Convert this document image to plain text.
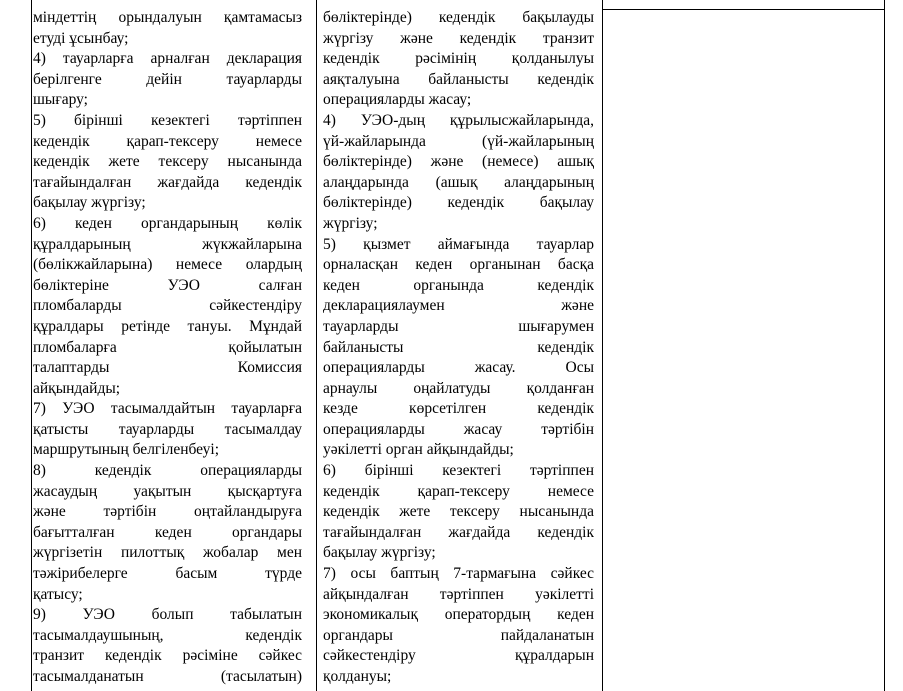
міндеттің орындалуын қамтамасыз
етуді ұсынбау;
4) тауарларға арналған декларация
берілгенге дейін тауарларды
шығару;
5) бірінші кезектегі тәртіппен
кедендік қарап-тексеру немесе
кедендік жете тексеру нысанында
тағайындалған жағдайда кедендік
бақылау жүргізу;
6) кеден органдарының көлік
құралдарының жүкжайларына
(бөлікжайларына) немесе олардың
бөліктеріне УЭО салған
пломбаларды сәйкестендіру
құралдары ретінде тануы. Мұндай
пломбаларға қойылатын
талаптарды Комиссия
айқындайды;
7) УЭО тасымалдайтын тауарларға
қатысты тауарларды тасымалдау
маршрутының белгіленбеуі;
8) кедендік операцияларды
жасаудың уақытын қысқартуға
және тәртібін оңтайландыруға
бағытталған кеден органдары
жүргізетін пилоттық жобалар мен
тәжірибелерге басым түрде
қатысу;
9) УЭО болып табылатын
тасымалдаушының, кедендік
транзит кедендік рәсіміне сәйкес
тасымалданатын (тасылатын)
бөліктерінде) кедендік бақылауды
жүргізу және кедендік транзит
кедендік рәсімінің қолданылуы
аяқталуына байланысты кедендік
операцияларды жасау;
4) УЭО-дың құрылысжайларында,
үй-жайларында (үй-жайларының
бөліктерінде) және (немесе) ашық
алаңдарында (ашық алаңдарының
бөліктерінде) кедендік бақылау
жүргізу;
5) қызмет аймағында тауарлар
орналасқан кеден органынан басқа
кеден органында кедендік
декларациялаумен және
тауарларды шығарумен
байланысты кедендік
операцияларды жасау. Осы
арнаулы оңайлатуды қолданған
кезде көрсетілген кедендік
операцияларды жасау тәртібін
уәкілетті орган айқындайды;
6) бірінші кезектегі тәртіппен
кедендік қарап-тексеру немесе
кедендік жете тексеру нысанында
тағайындалған жағдайда кедендік
бақылау жүргізу;
7) осы баптың 7-тармағына сәйкес
айқындалған тәртіппен уәкілетті
экономикалық оператордың кеден
органдары пайдаланатын
сәйкестендіру құралдарын
қолдануы;
